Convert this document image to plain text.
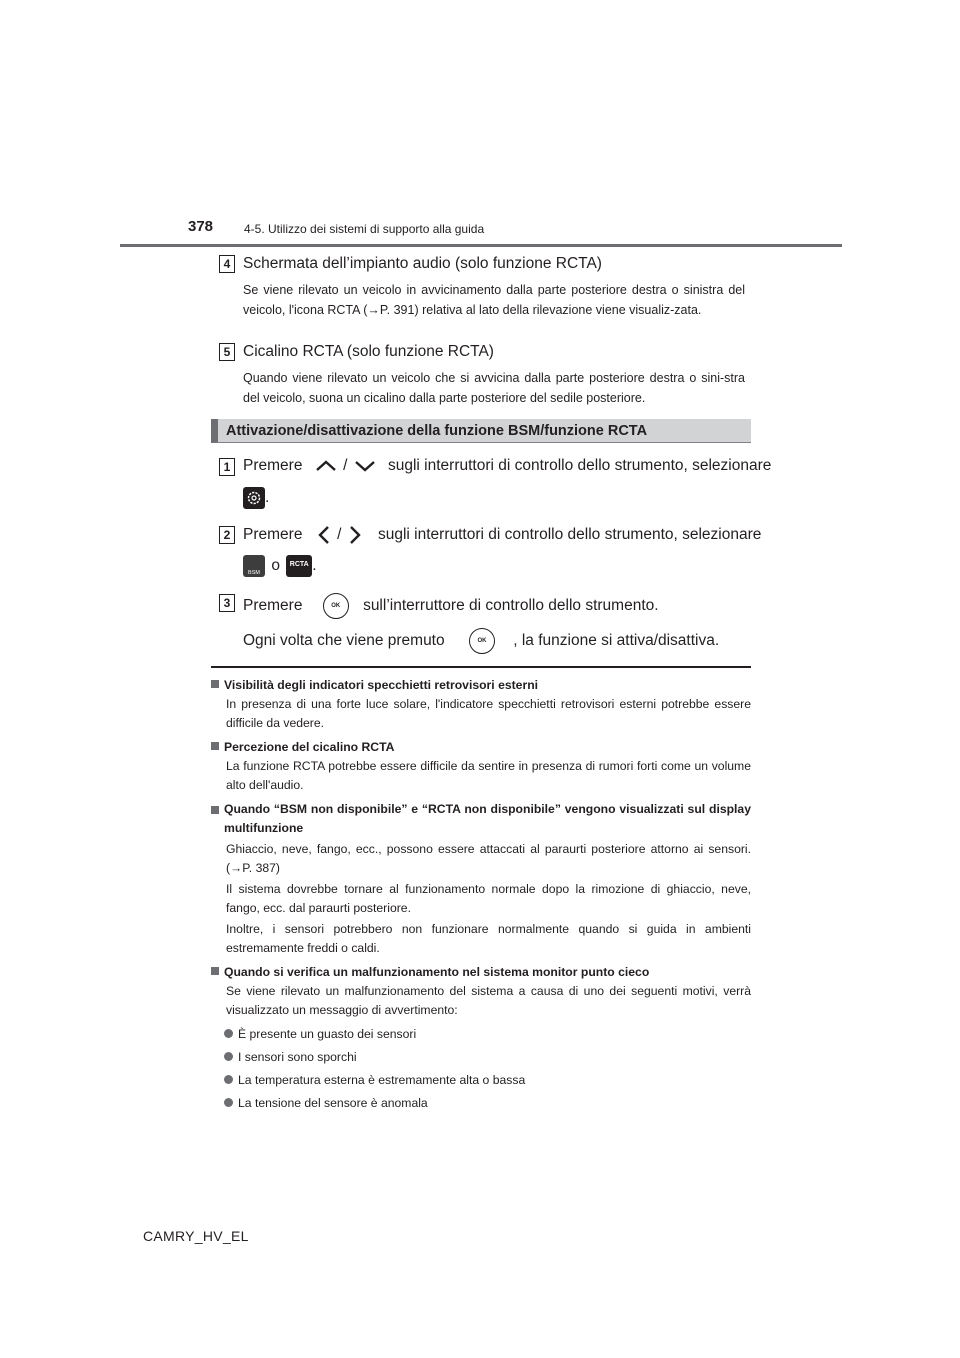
378	4-5. Utilizzo dei sistemi di supporto alla guida
4 Schermata dell’impianto audio (solo funzione RCTA)
Se viene rilevato un veicolo in avvicinamento dalla parte posteriore destra o sinistra del veicolo, l'icona RCTA (→P. 391) relativa al lato della rilevazione viene visualiz-zata.
5 Cicalino RCTA (solo funzione RCTA)
Quando viene rilevato un veicolo che si avvicina dalla parte posteriore destra o sini-stra del veicolo, suona un cicalino dalla parte posteriore del sedile posteriore.
Attivazione/disattivazione della funzione BSM/funzione RCTA
1 Premere	/	sugli interruttori di controllo dello strumento, selezionare
.
2 Premere / sugli interruttori di controllo dello strumento, selezionare
BSM o	RCTA .
3 Premere	OK sull’interruttore di controllo dello strumento.
Ogni volta che viene premuto	OK , la funzione si attiva/disattiva.
Visibilità degli indicatori specchietti retrovisori esterni
In presenza di una forte luce solare, l'indicatore specchietti retrovisori esterni potrebbe essere difficile da vedere.
Percezione del cicalino RCTA
La funzione RCTA potrebbe essere difficile da sentire in presenza di rumori forti come un volume alto dell'audio.
Quando “BSM non disponibile” e “RCTA non disponibile” vengono visualizzati sul display multifunzione
Ghiaccio, neve, fango, ecc., possono essere attaccati al paraurti posteriore attorno ai sensori. (→P. 387)
Il sistema dovrebbe tornare al funzionamento normale dopo la rimozione di ghiaccio, neve, fango, ecc. dal paraurti posteriore.
Inoltre, i sensori potrebbero non funzionare normalmente quando si guida in ambienti estremamente freddi o caldi.
Quando si verifica un malfunzionamento nel sistema monitor punto cieco
Se viene rilevato un malfunzionamento del sistema a causa di uno dei seguenti motivi, verrà visualizzato un messaggio di avvertimento:
È presente un guasto dei sensori
I sensori sono sporchi
La temperatura esterna è estremamente alta o bassa
La tensione del sensore è anomala
CAMRY_HV_EL
